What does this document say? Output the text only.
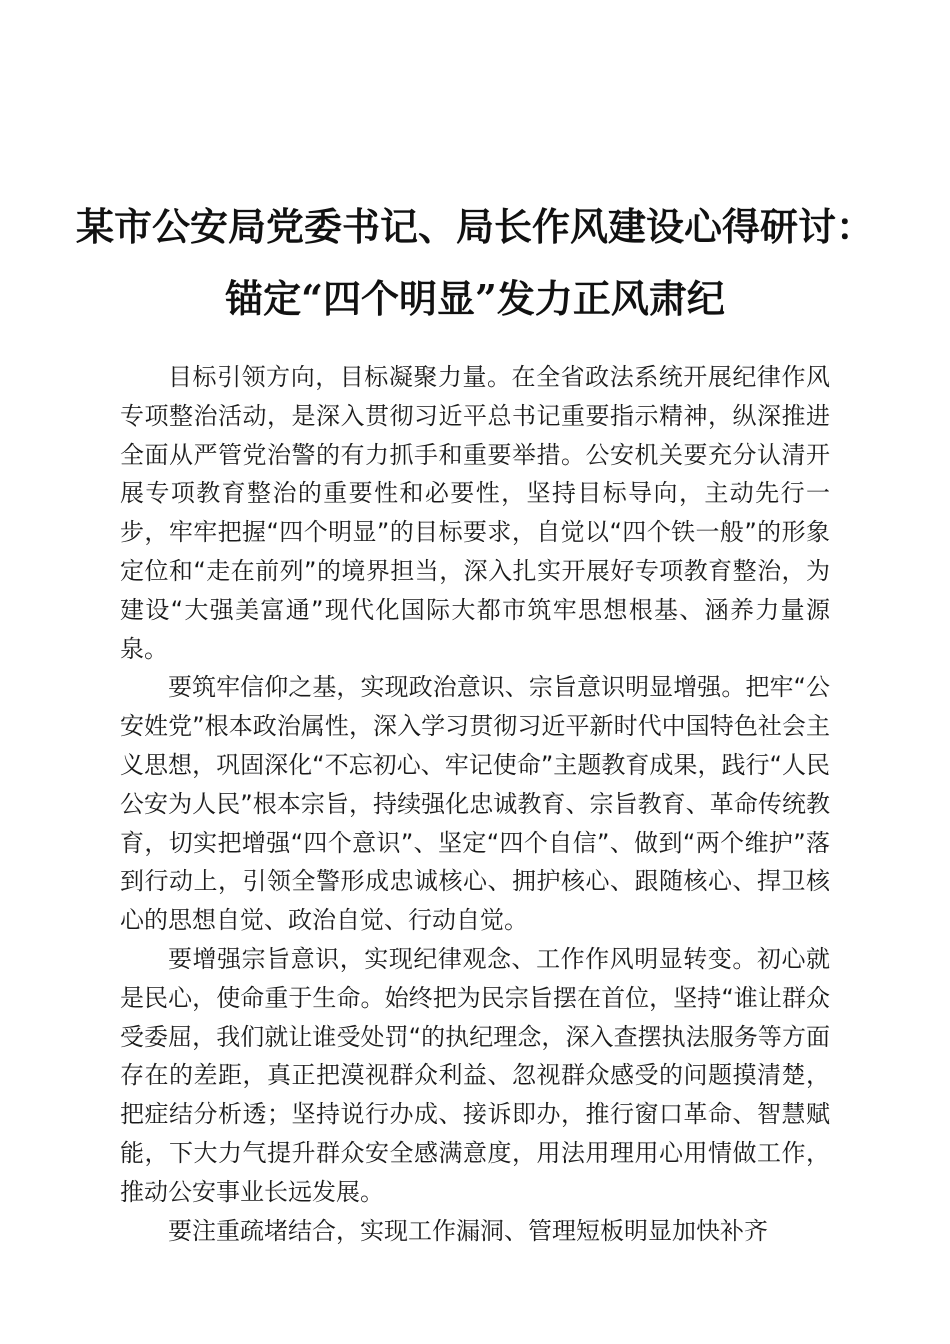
某市公安局党委书记、局长作风建设心得研讨：
锚定“四个明显”发力正风肃纪

目标引领方向，目标凝聚力量。在全省政法系统开展纪律作风专项整治活动，是深入贯彻习近平总书记重要指示精神，纵深推进全面从严管党治警的有力抓手和重要举措。公安机关要充分认清开展专项教育整治的重要性和必要性，坚持目标导向，主动先行一步，牢牢把握“四个明显”的目标要求，自觉以“四个铁一般”的形象定位和“走在前列”的境界担当，深入扎实开展好专项教育整治，为建设“大强美富通”现代化国际大都市筑牢思想根基、涵养力量源泉。

要筑牢信仰之基，实现政治意识、宗旨意识明显增强。把牢“公安姓党”根本政治属性，深入学习贯彻习近平新时代中国特色社会主义思想，巩固深化“不忘初心、牢记使命”主题教育成果，践行“人民公安为人民”根本宗旨，持续强化忠诚教育、宗旨教育、革命传统教育，切实把增强“四个意识”、坚定“四个自信”、做到“两个维护”落到行动上，引领全警形成忠诚核心、拥护核心、跟随核心、捍卫核心的思想自觉、政治自觉、行动自觉。

要增强宗旨意识，实现纪律观念、工作作风明显转变。初心就是民心，使命重于生命。始终把为民宗旨摆在首位，坚持“谁让群众受委屈，我们就让谁受处罚“的执纪理念，深入查摆执法服务等方面存在的差距，真正把漠视群众利益、忽视群众感受的问题摸清楚，把症结分析透；坚持说行办成、接诉即办，推行窗口革命、智慧赋能，下大力气提升群众安全感满意度，用法用理用心用情做工作，推动公安事业长远发展。

要注重疏堵结合，实现工作漏洞、管理短板明显加快补齐
